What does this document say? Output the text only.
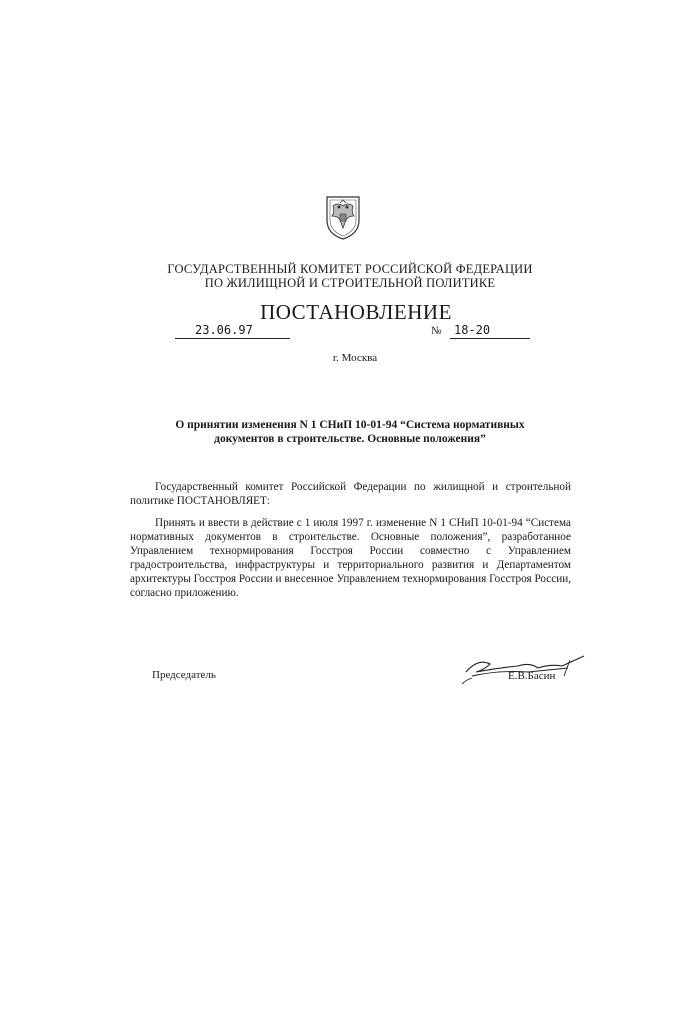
ГОСУДАРСТВЕННЫЙ КОМИТЕТ РОССИЙСКОЙ ФЕДЕРАЦИИ
ПО ЖИЛИЩНОЙ И СТРОИТЕЛЬНОЙ ПОЛИТИКЕ
ПОСТАНОВЛЕНИЕ
23.06.97	№	18-20
г. Москва
О принятии изменения N 1 СНиП 10-01-94 “Система нормативных
документов в строительстве. Основные положения”

Государственный комитет Российской Федерации по жилищной и строительной политике ПОСТАНОВЛЯЕТ:

Принять и ввести в действие с 1 июля 1997 г. изменение N 1 СНиП 10-01-94 “Система нормативных документов в строительстве. Основные положения”, разработанное Управлением технормирования Госстроя России совместно с Управлением градостроительства, инфраструктуры и территориального развития и Департаментом архитектуры Госстроя России и внесенное Управлением технормирования Госстроя России, согласно приложению.

Председатель	Е.В.Басин
